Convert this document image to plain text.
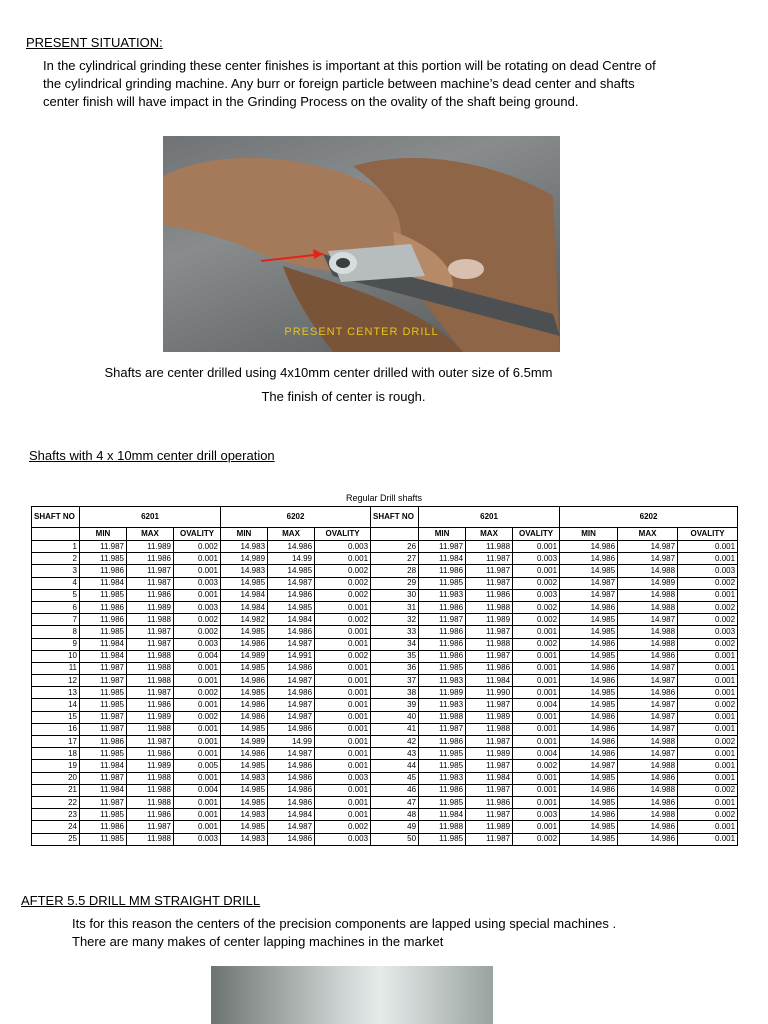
PRESENT SITUATION:
In the cylindrical grinding these center finishes is important at this portion will be rotating on dead Centre of
the cylindrical grinding machine. Any burr or foreign particle between machine’s dead center and shafts
center finish will have impact in the Grinding Process on the ovality of the shaft being ground.
PRESENT CENTER DRILL
Shafts are center drilled using 4x10mm center drilled with outer size of 6.5mm
The finish of center is rough.
Shafts with 4 x 10mm center drill operation
Regular Drill shafts
SHAFT NO	6201			6202			SHAFT NO	6201			6202		
	MIN	MAX	OVALITY	MIN	MAX	OVALITY		MIN	MAX	OVALITY	MIN	MAX	OVALITY
1	11.987	11.989	0.002	14.983	14.986	0.003	26	11.987	11.988	0.001	14.986	14.987	0.001
2	11.985	11.986	0.001	14.989	14.99	0.001	27	11.984	11.987	0.003	14.986	14.987	0.001
3	11.986	11.987	0.001	14.983	14.985	0.002	28	11.986	11.987	0.001	14.985	14.988	0.003
4	11.984	11.987	0.003	14.985	14.987	0.002	29	11.985	11.987	0.002	14.987	14.989	0.002
5	11.985	11.986	0.001	14.984	14.986	0.002	30	11.983	11.986	0.003	14.987	14.988	0.001
6	11.986	11.989	0.003	14.984	14.985	0.001	31	11.986	11.988	0.002	14.986	14.988	0.002
7	11.986	11.988	0.002	14.982	14.984	0.002	32	11.987	11.989	0.002	14.985	14.987	0.002
8	11.985	11.987	0.002	14.985	14.986	0.001	33	11.986	11.987	0.001	14.985	14.988	0.003
9	11.984	11.987	0.003	14.986	14.987	0.001	34	11.986	11.988	0.002	14.986	14.988	0.002
10	11.984	11.988	0.004	14.989	14.991	0.002	35	11.986	11.987	0.001	14.985	14.986	0.001
11	11.987	11.988	0.001	14.985	14.986	0.001	36	11.985	11.986	0.001	14.986	14.987	0.001
12	11.987	11.988	0.001	14.986	14.987	0.001	37	11.983	11.984	0.001	14.986	14.987	0.001
13	11.985	11.987	0.002	14.985	14.986	0.001	38	11.989	11.990	0.001	14.985	14.986	0.001
14	11.985	11.986	0.001	14.986	14.987	0.001	39	11.983	11.987	0.004	14.985	14.987	0.002
15	11.987	11.989	0.002	14.986	14.987	0.001	40	11.988	11.989	0.001	14.986	14.987	0.001
16	11.987	11.988	0.001	14.985	14.986	0.001	41	11.987	11.988	0.001	14.986	14.987	0.001
17	11.986	11.987	0.001	14.989	14.99	0.001	42	11.986	11.987	0.001	14.986	14.988	0.002
18	11.985	11.986	0.001	14.986	14.987	0.001	43	11.985	11.989	0.004	14.986	14.987	0.001
19	11.984	11.989	0.005	14.985	14.986	0.001	44	11.985	11.987	0.002	14.987	14.988	0.001
20	11.987	11.988	0.001	14.983	14.986	0.003	45	11.983	11.984	0.001	14.985	14.986	0.001
21	11.984	11.988	0.004	14.985	14.986	0.001	46	11.986	11.987	0.001	14.986	14.988	0.002
22	11.987	11.988	0.001	14.985	14.986	0.001	47	11.985	11.986	0.001	14.985	14.986	0.001
23	11.985	11.986	0.001	14.983	14.984	0.001	48	11.984	11.987	0.003	14.986	14.988	0.002
24	11.986	11.987	0.001	14.985	14.987	0.002	49	11.988	11.989	0.001	14.985	14.986	0.001
25	11.985	11.988	0.003	14.983	14.986	0.003	50	11.985	11.987	0.002	14.985	14.986	0.001
AFTER 5.5 DRILL MM STRAIGHT DRILL
Its for this reason the centers of the precision components are lapped using special machines .
There are many makes of center lapping machines in the market
